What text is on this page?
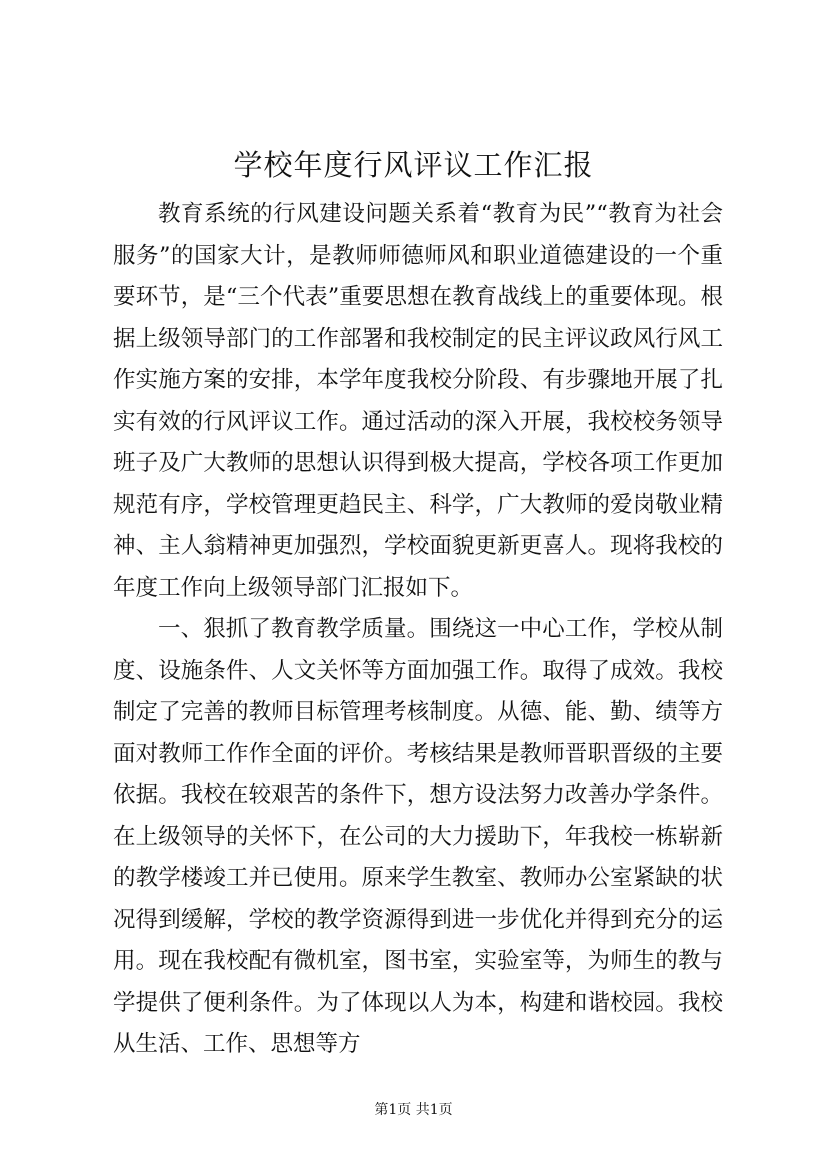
学校年度行风评议工作汇报

教育系统的行风建设问题关系着“教育为民”“教育为社会服务”的国家大计，是教师师德师风和职业道德建设的一个重要环节，是“三个代表”重要思想在教育战线上的重要体现。根据上级领导部门的工作部署和我校制定的民主评议政风行风工作实施方案的安排，本学年度我校分阶段、有步骤地开展了扎实有效的行风评议工作。通过活动的深入开展，我校校务领导班子及广大教师的思想认识得到极大提高，学校各项工作更加规范有序，学校管理更趋民主、科学，广大教师的爱岗敬业精神、主人翁精神更加强烈，学校面貌更新更喜人。现将我校的年度工作向上级领导部门汇报如下。

一、狠抓了教育教学质量。围绕这一中心工作，学校从制度、设施条件、人文关怀等方面加强工作。取得了成效。我校制定了完善的教师目标管理考核制度。从德、能、勤、绩等方面对教师工作作全面的评价。考核结果是教师晋职晋级的主要依据。我校在较艰苦的条件下，想方设法努力改善办学条件。在上级领导的关怀下，在公司的大力援助下，年我校一栋崭新的教学楼竣工并已使用。原来学生教室、教师办公室紧缺的状况得到缓解，学校的教学资源得到进一步优化并得到充分的运用。现在我校配有微机室，图书室，实验室等，为师生的教与学提供了便利条件。为了体现以人为本，构建和谐校园。我校从生活、工作、思想等方

第1页 共1页
